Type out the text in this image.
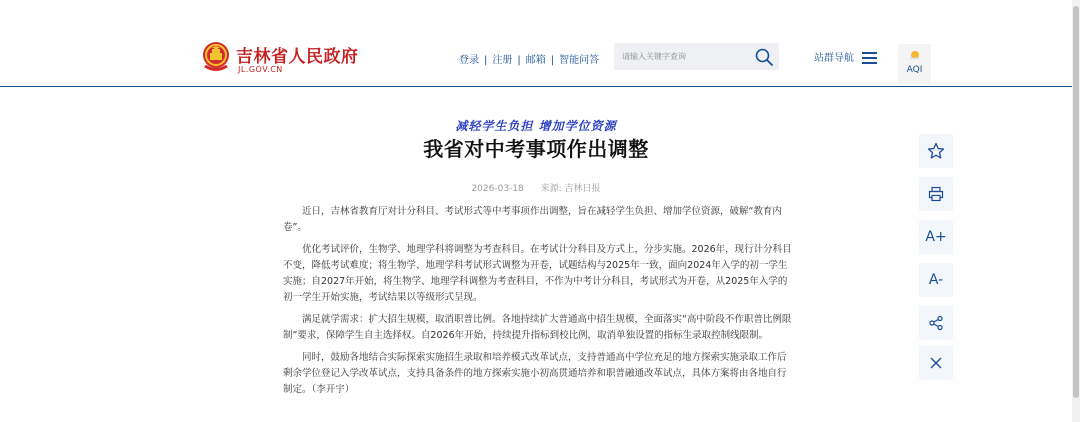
吉林省人民政府
JL.GOV.CN
登录 | 注册 | 邮箱 | 智能问答
请输入关键字查询	站群导航
AQI
减轻学生负担 增加学位资源
我省对中考事项作出调整
2026-03-18 来源: 吉林日报

近日，吉林省教育厅对计分科目、考试形式等中考事项作出调整，旨在减轻学生负担、增加学位资源，破解“教育内卷”。

优化考试评价，生物学、地理学科将调整为考查科目。在考试计分科目及方式上，分步实施。2026年，现行计分科目不变，降低考试难度；将生物学、地理学科考试形式调整为开卷，试题结构与2025年一致，面向2024年入学的初一学生实施；自2027年开始，将生物学、地理学科调整为考查科目，不作为中考计分科目，考试形式为开卷，从2025年入学的初一学生开始实施，考试结果以等级形式呈现。

满足就学需求：扩大招生规模，取消职普比例。各地持续扩大普通高中招生规模，全面落实“高中阶段不作职普比例限制”要求，保障学生自主选择权。自2026年开始，持续提升指标到校比例，取消单独设置的指标生录取控制线限制。

同时，鼓励各地结合实际探索实施招生录取和培养模式改革试点，支持普通高中学位充足的地方探索实施录取工作后剩余学位登记入学改革试点，支持具备条件的地方探索实施小初高贯通培养和职普融通改革试点，具体方案将由各地自行制定。（李开宇）

A+
A-
